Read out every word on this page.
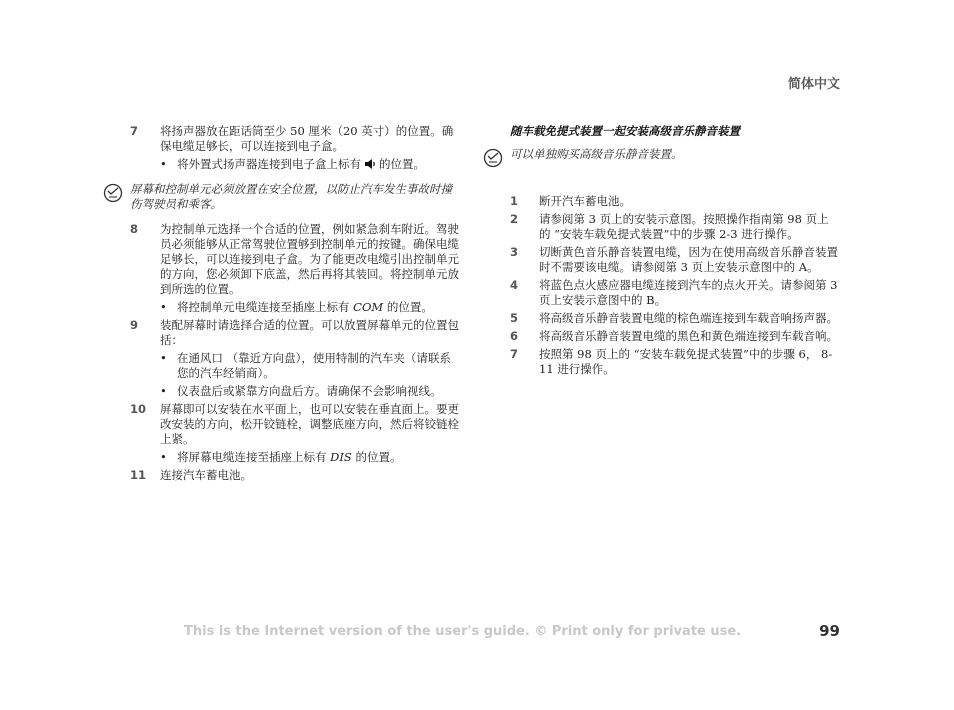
简体中文
7	将扬声器放在距话筒至少 50 厘米（20 英寸）的位置。确保电缆足够长，可以连接到电子盒。
• 将外置式扬声器连接到电子盒上标有 的位置。
屏幕和控制单元必须放置在安全位置，以防止汽车发生事故时撞伤驾驶员和乘客。
8	为控制单元选择一个合适的位置，例如紧急刹车附近。驾驶员必须能够从正常驾驶位置够到控制单元的按键。确保电缆足够长，可以连接到电子盒。为了能更改电缆引出控制单元的方向，您必须卸下底盖，然后再将其装回。将控制单元放到所选的位置。
• 将控制单元电缆连接至插座上标有 COM 的位置。
9	装配屏幕时请选择合适的位置。可以放置屏幕单元的位置包括：
• 在通风口 （靠近方向盘），使用特制的汽车夹（请联系您的汽车经销商）。
• 仪表盘后或紧靠方向盘后方。请确保不会影响视线。
10	屏幕即可以安装在水平面上，也可以安装在垂直面上。要更改安装的方向，松开铰链栓，调整底座方向，然后将铰链栓上紧。
• 将屏幕电缆连接至插座上标有 DIS 的位置。
11	连接汽车蓄电池。
随车载免提式装置一起安装高级音乐静音装置
可以单独购买高级音乐静音装置。
1	断开汽车蓄电池。
2	请参阅第 3 页上的安装示意图。按照操作指南第 98 页上的 “安装车载免提式装置”中的步骤 2-3 进行操作。
3	切断黄色音乐静音装置电缆，因为在使用高级音乐静音装置时不需要该电缆。请参阅第 3 页上安装示意图中的 A。
4	将蓝色点火感应器电缆连接到汽车的点火开关。请参阅第 3 页上安装示意图中的 B。
5	将高级音乐静音装置电缆的棕色端连接到车载音响扬声器。
6	将高级音乐静音装置电缆的黑色和黄色端连接到车载音响。
7	按照第 98 页上的 “安装车载免提式装置”中的步骤 6， 8-11 进行操作。
This is the Internet version of the user's guide. © Print only for private use.	99
